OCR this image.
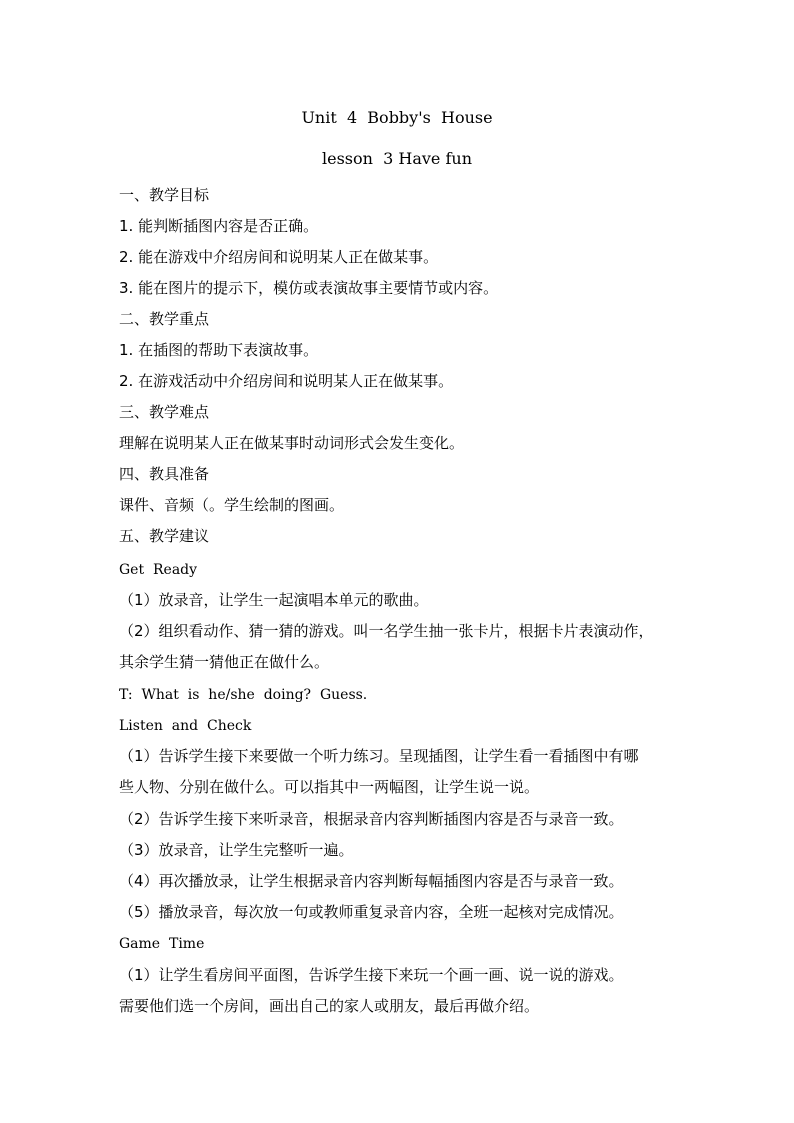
Unit  4  Bobby's  House
lesson  3 Have fun
一、教学目标
1. 能判断插图内容是否正确。
2. 能在游戏中介绍房间和说明某人正在做某事。
3. 能在图片的提示下，模仿或表演故事主要情节或内容。
二、教学重点
1. 在插图的帮助下表演故事。
2. 在游戏活动中介绍房间和说明某人正在做某事。
三、教学难点
理解在说明某人正在做某事时动词形式会发生变化。
四、教具准备
课件、音频（。学生绘制的图画。
五、教学建议
Get  Ready
（1）放录音，让学生一起演唱本单元的歌曲。
（2）组织看动作、猜一猜的游戏。叫一名学生抽一张卡片，根据卡片表演动作，
其余学生猜一猜他正在做什么。
T:  What  is  he/she  doing?  Guess.
Listen  and  Check
（1）告诉学生接下来要做一个听力练习。呈现插图，让学生看一看插图中有哪
些人物、分别在做什么。可以指其中一两幅图，让学生说一说。
（2）告诉学生接下来听录音，根据录音内容判断插图内容是否与录音一致。
（3）放录音，让学生完整听一遍。
（4）再次播放录，让学生根据录音内容判断每幅插图内容是否与录音一致。
（5）播放录音，每次放一句或教师重复录音内容，全班一起核对完成情况。
Game  Time
（1）让学生看房间平面图，告诉学生接下来玩一个画一画、说一说的游戏。
需要他们选一个房间，画出自己的家人或朋友，最后再做介绍。
